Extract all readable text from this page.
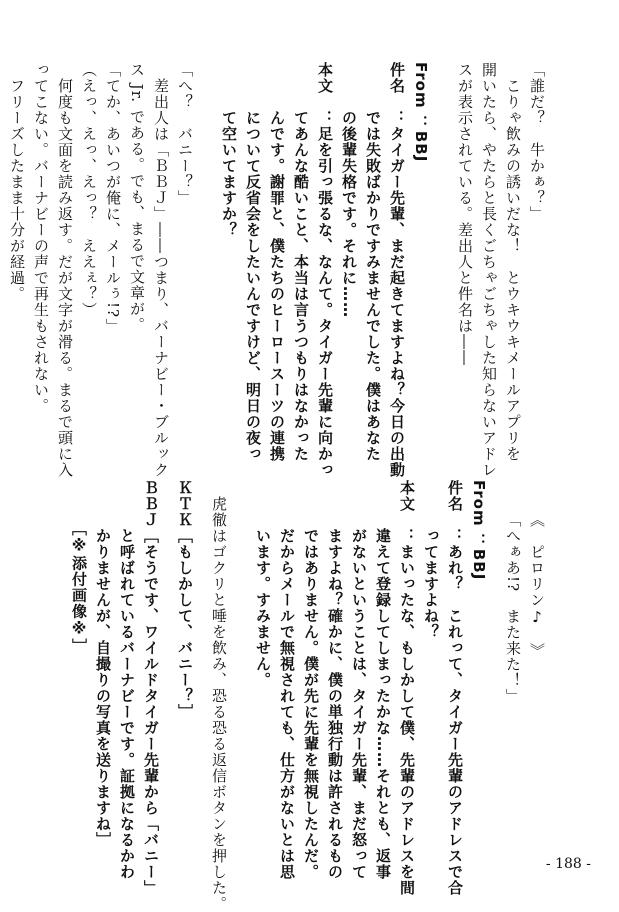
「誰だ？　牛かぁ？」

　こりゃ飲みの誘いだな！　とウキウキメールアプリを

開いたら、やたらと長くごちゃごちゃした知らないアドレ

スが表示されている。差出人と件名は――

From ：BBJ

件名　：タイガー先輩、まだ起きてますよね？今日の出動

　　　では失敗ばかりですみませんでした。僕はあなた

　　　の後輩失格です。それに……

本文　：足を引っ張るな、なんて。タイガー先輩に向かっ

　　　てあんな酷いこと、本当は言うつもりはなかった

　　　んです。謝罪と、僕たちのヒーロースーツの連携

　　　について反省会をしたいんですけど、明日の夜っ

　　　て空いてますか？

「へ？　バニー？」

　差出人は「ＢＢＪ」――つまり、バーナビー・ブルック

ス Jr. である。でも、まるで文章が。

「てか、あいつが俺に、メールぅ!?」

（えっ、えっ、えっ？　ええぇ？）

　何度も文面を読み返す。だが文字が滑る。まるで頭に入

ってこない。バーナビーの声で再生もされない。

　フリーズしたまま十分が経過。

《　ピロリン♪　》

「へぁあ!?　また来た！」

From ：BBJ

件名　：あれ？　これって、タイガー先輩のアドレスで合

　　　ってますよね？

本文　：まいったな、もしかして僕、先輩のアドレスを間

　　　違えて登録してしまったかな……それとも、返事

　　　がないということは、タイガー先輩、まだ怒って

　　　ますよね？確かに、僕の単独行動は許されるもの

　　　ではありません。僕が先に先輩を無視したんだ。

　　　だからメールで無視されても、仕方がないとは思

　　　います。すみません。

　虎徹はゴクリと唾を飲み、恐る恐る返信ボタンを押した。

ＫＴＫ［もしかして、バニー？］

ＢＢＪ［そうです、ワイルドタイガー先輩から「バニー」

　　　と呼ばれているバーナビーです。証拠になるかわ

　　　かりませんが、自撮りの写真を送りますね］

　　　［※添付画像※］

- 188 -
